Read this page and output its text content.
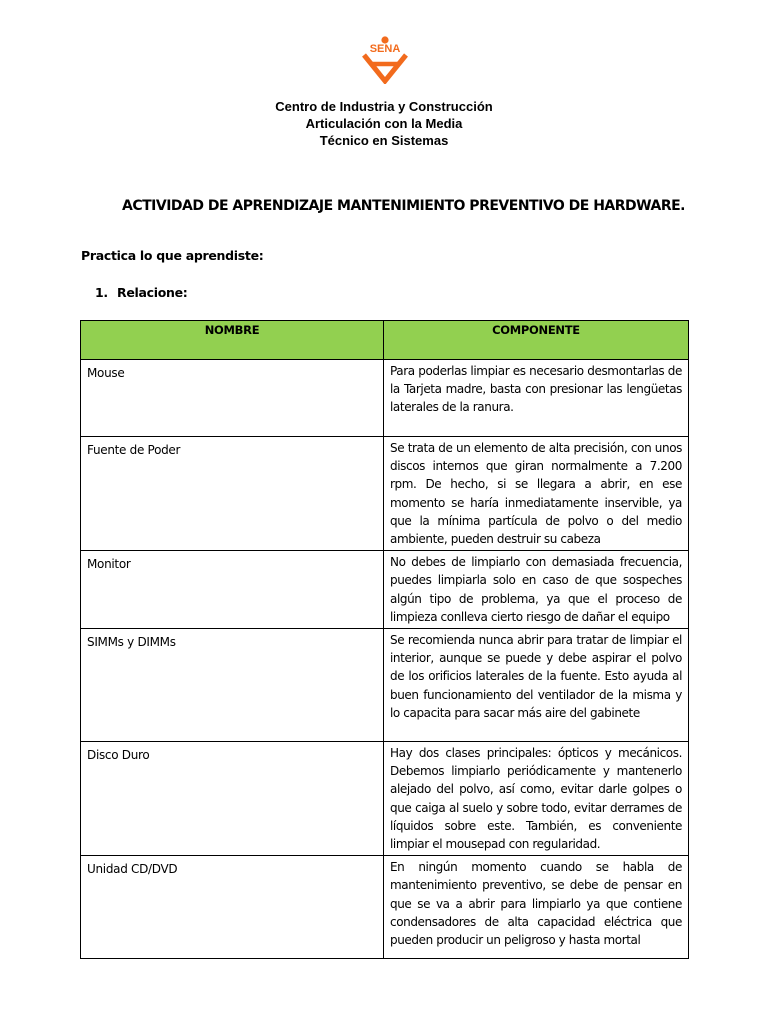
SENA
Centro de Industria y Construcción
Articulación con la Media
Técnico en Sistemas
ACTIVIDAD DE APRENDIZAJE MANTENIMIENTO PREVENTIVO DE HARDWARE.
Practica lo que aprendiste:
1. Relacione:
NOMBRE	COMPONENTE
Mouse	Para poderlas limpiar es necesario desmontarlas de la Tarjeta madre, basta con presionar las lengüetas laterales de la ranura.
Fuente de Poder	Se trata de un elemento de alta precisión, con unos discos internos que giran normalmente a 7.200 rpm. De hecho, si se llegara a abrir, en ese momento se haría inmediatamente inservible, ya que la mínima partícula de polvo o del medio ambiente, pueden destruir su cabeza
Monitor	No debes de limpiarlo con demasiada frecuencia, puedes limpiarla solo en caso de que sospeches algún tipo de problema, ya que el proceso de limpieza conlleva cierto riesgo de dañar el equipo
SIMMs y DIMMs	Se recomienda nunca abrir para tratar de limpiar el interior, aunque se puede y debe aspirar el polvo de los orificios laterales de la fuente. Esto ayuda al buen funcionamiento del ventilador de la misma y lo capacita para sacar más aire del gabinete
Disco Duro	Hay dos clases principales: ópticos y mecánicos. Debemos limpiarlo periódicamente y mantenerlo alejado del polvo, así como, evitar darle golpes o que caiga al suelo y sobre todo, evitar derrames de líquidos sobre este. También, es conveniente limpiar el mousepad con regularidad.
Unidad CD/DVD	En ningún momento cuando se habla de mantenimiento preventivo, se debe de pensar en que se va a abrir para limpiarlo ya que contiene condensadores de alta capacidad eléctrica que pueden producir un peligroso y hasta mortal
